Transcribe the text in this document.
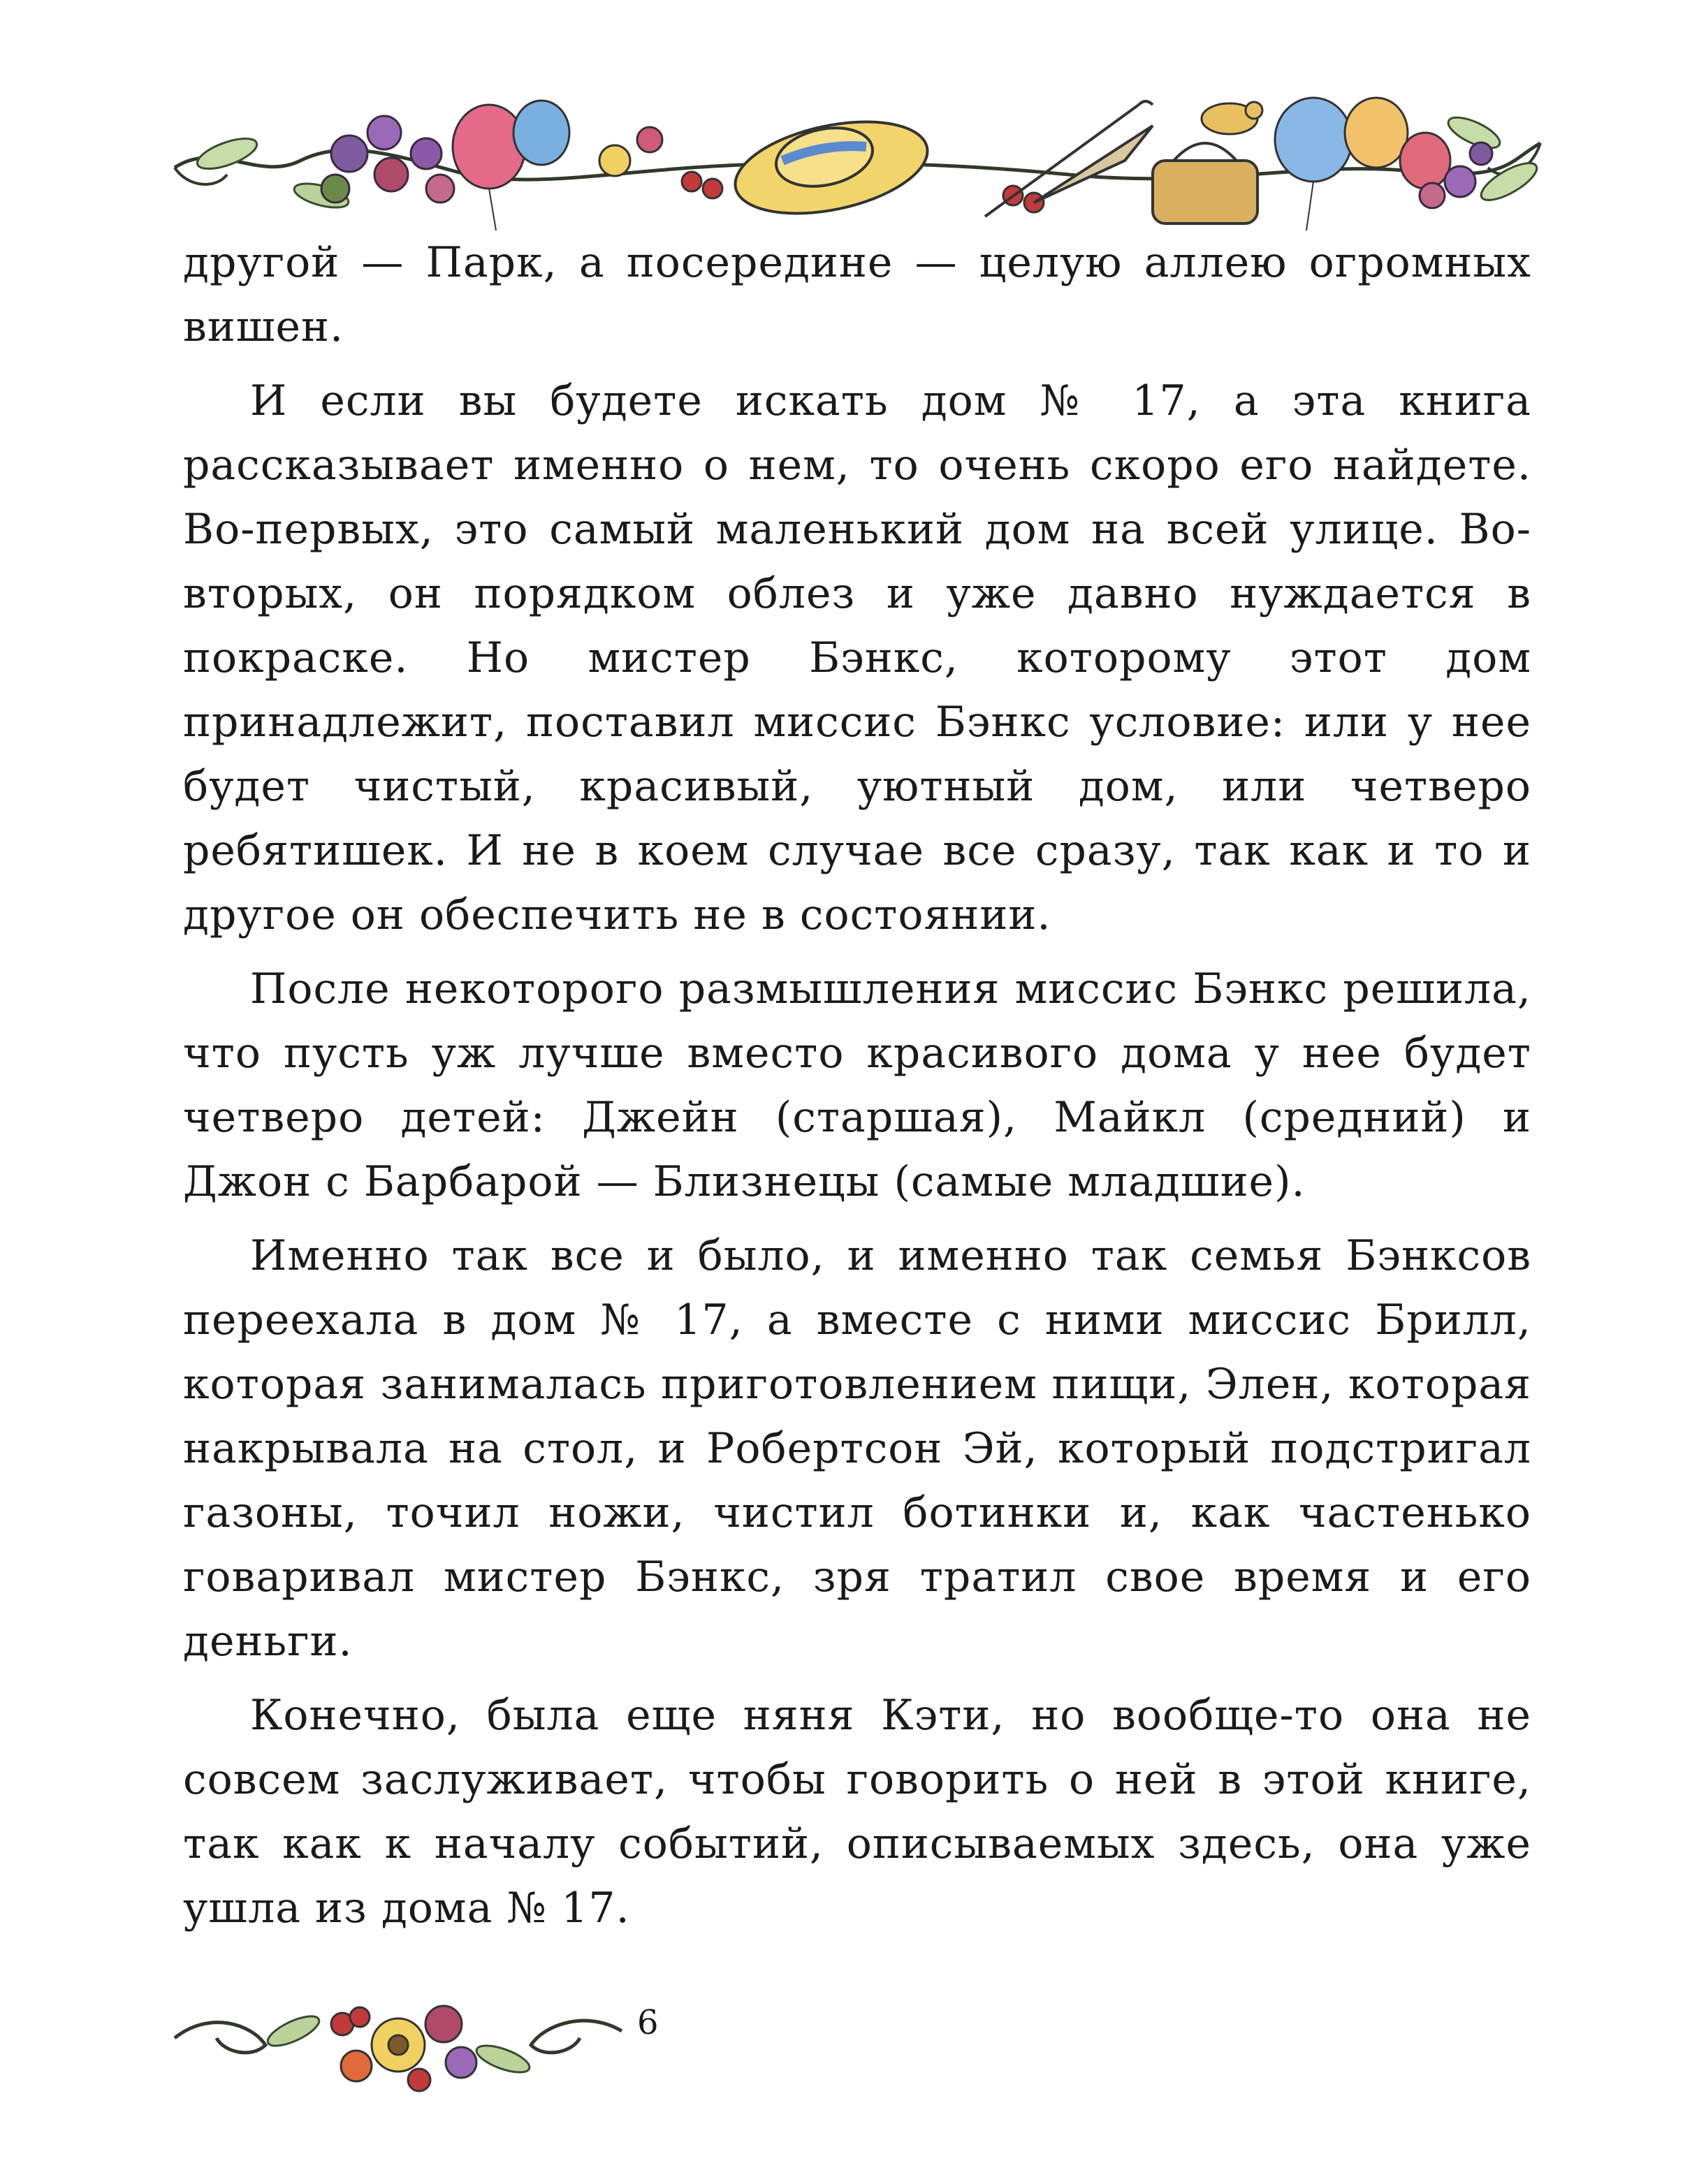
другой — Парк, а посередине — целую аллею огромных вишен.

И если вы будете искать дом № 17, а эта книга рассказывает именно о нем, то очень скоро его найдете. Во-первых, это самый маленький дом на всей улице. Во-вторых, он порядком облез и уже давно нуждается в покраске. Но мистер Бэнкс, которому этот дом принадлежит, поставил миссис Бэнкс условие: или у нее будет чистый, красивый, уютный дом, или четверо ребятишек. И не в коем случае все сразу, так как и то и другое он обеспечить не в состоянии.

После некоторого размышления миссис Бэнкс решила, что пусть уж лучше вместо красивого дома у нее будет четверо детей: Джейн (старшая), Майкл (средний) и Джон с Барбарой — Близнецы (самые младшие).

Именно так все и было, и именно так семья Бэнксов переехала в дом № 17, а вместе с ними миссис Брилл, которая занималась приготовлением пищи, Элен, которая накрывала на стол, и Робертсон Эй, который подстригал газоны, точил ножи, чистил ботинки и, как частенько говаривал мистер Бэнкс, зря тратил свое время и его деньги.

Конечно, была еще няня Кэти, но вообще-то она не совсем заслуживает, чтобы говорить о ней в этой книге, так как к началу событий, описываемых здесь, она уже ушла из дома № 17.

6
